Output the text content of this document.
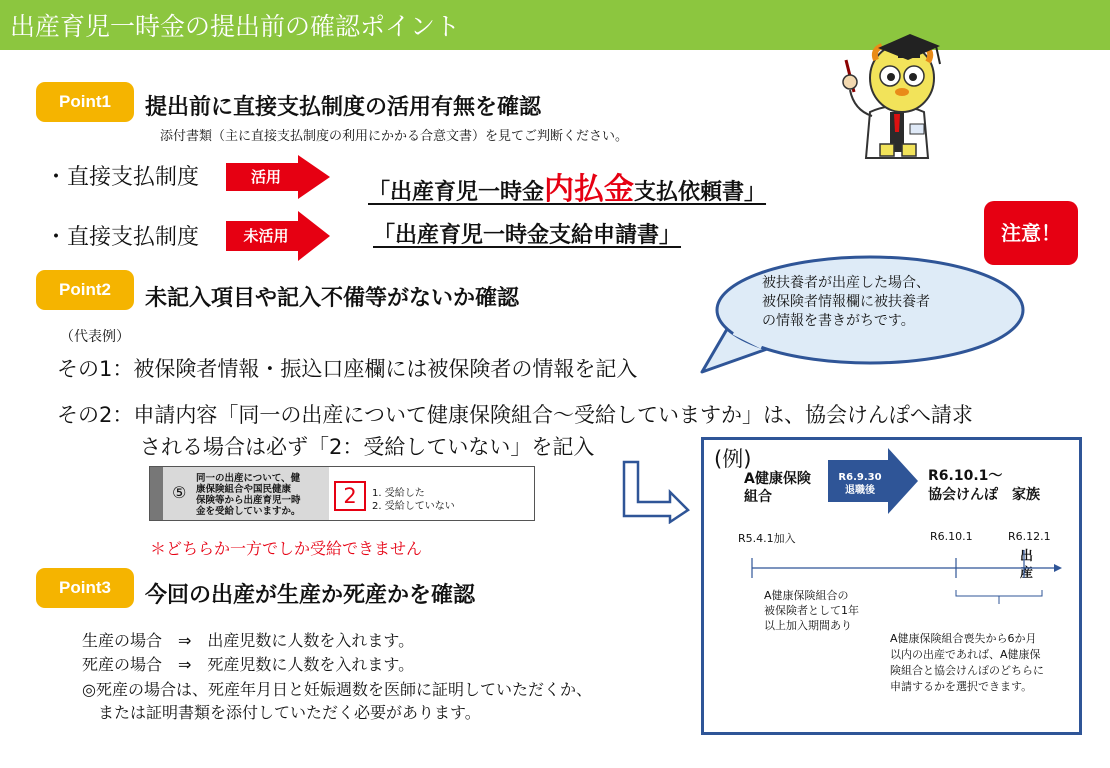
出産育児一時金の提出前の確認ポイント
Point1	提出前に直接支払制度の活用有無を確認
添付書類（主に直接支払制度の利用にかかる合意文書）を見てご判断ください。
・直接支払制度	活用
「出産育児一時金内払金支払依頼書」
・直接支払制度	未活用	「出産育児一時金支給申請書」	注意！
被扶養者が出産した場合、
被保険者情報欄に被扶養者
の情報を書きがちです。
Point2	未記入項目や記入不備等がないか確認
（代表例）
その1：被保険者情報・振込口座欄には被保険者の情報を記入
その2：申請内容「同一の出産について健康保険組合～受給していますか」は、協会けんぽへ請求
される場合は必ず「2：受給していない」を記入
⑤
同一の出産について、健
康保険組合や国民健康
保険等から出産育児一時
金を受給していますか。
2	1. 受給した
2. 受給していない
＊どちらか一方でしか受給できません
(例)
A健康保険
組合
R6.9.30
退職後
R6.10.1～
協会けんぽ　家族
R5.4.1加入	R6.10.1	R6.12.1
出
産
A健康保険組合の
被保険者として1年
以上加入期間あり
A健康保険組合喪失から6か月
以内の出産であれば、A健康保
険組合と協会けんぽのどちらに
申請するかを選択できます。
Point3	今回の出産が生産か死産かを確認
生産の場合　⇒　出産児数に人数を入れます。
死産の場合　⇒　死産児数に人数を入れます。
◎死産の場合は、死産年月日と妊娠週数を医師に証明していただくか、
　または証明書類を添付していただく必要があります。
